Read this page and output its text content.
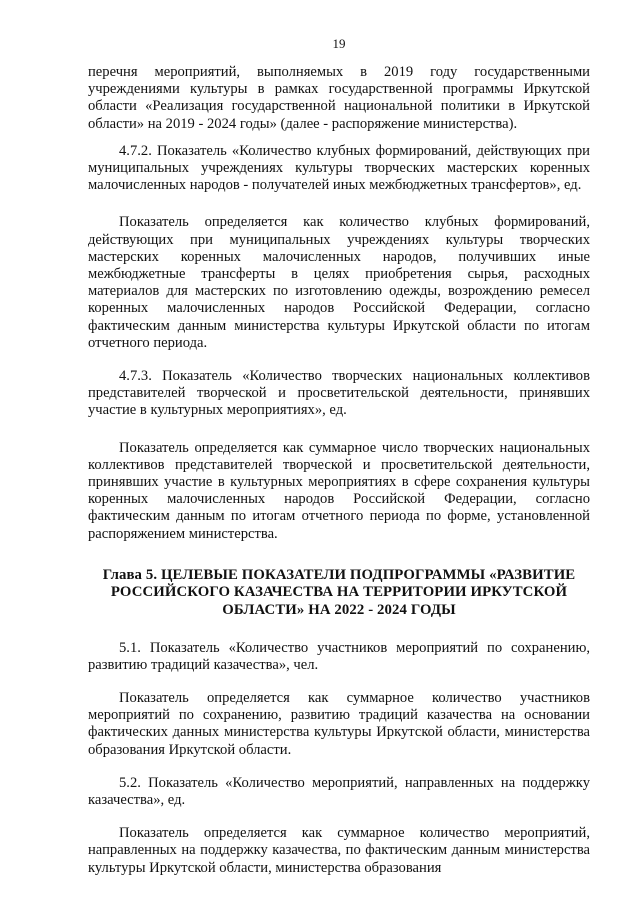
19

перечня мероприятий, выполняемых в 2019 году государственными учреждениями культуры в рамках государственной программы Иркутской области «Реализация государственной национальной политики в Иркутской области» на 2019 - 2024 годы» (далее - распоряжение министерства).

4.7.2. Показатель «Количество клубных формирований, действующих при муниципальных учреждениях культуры творческих мастерских коренных малочисленных народов - получателей иных межбюджетных трансфертов», ед.

Показатель определяется как количество клубных формирований, действующих при муниципальных учреждениях культуры творческих мастерских коренных малочисленных народов, получивших иные межбюджетные трансферты в целях приобретения сырья, расходных материалов для мастерских по изготовлению одежды, возрождению ремесел коренных малочисленных народов Российской Федерации, согласно фактическим данным министерства культуры Иркутской области по итогам отчетного периода.

4.7.3. Показатель «Количество творческих национальных коллективов представителей творческой и просветительской деятельности, принявших участие в культурных мероприятиях», ед.

Показатель определяется как суммарное число творческих национальных коллективов представителей творческой и просветительской деятельности, принявших участие в культурных мероприятиях в сфере сохранения культуры коренных малочисленных народов Российской Федерации, согласно фактическим данным по итогам отчетного периода по форме, установленной распоряжением министерства.

Глава 5. ЦЕЛЕВЫЕ ПОКАЗАТЕЛИ ПОДПРОГРАММЫ «РАЗВИТИЕ
РОССИЙСКОГО КАЗАЧЕСТВА НА ТЕРРИТОРИИ ИРКУТСКОЙ
ОБЛАСТИ» НА 2022 - 2024 ГОДЫ

5.1. Показатель «Количество участников мероприятий по сохранению, развитию традиций казачества», чел.

Показатель определяется как суммарное количество участников мероприятий по сохранению, развитию традиций казачества на основании фактических данных министерства культуры Иркутской области, министерства образования Иркутской области.

5.2. Показатель «Количество мероприятий, направленных на поддержку казачества», ед.

Показатель определяется как суммарное количество мероприятий, направленных на поддержку казачества, по фактическим данным министерства культуры Иркутской области, министерства образования
